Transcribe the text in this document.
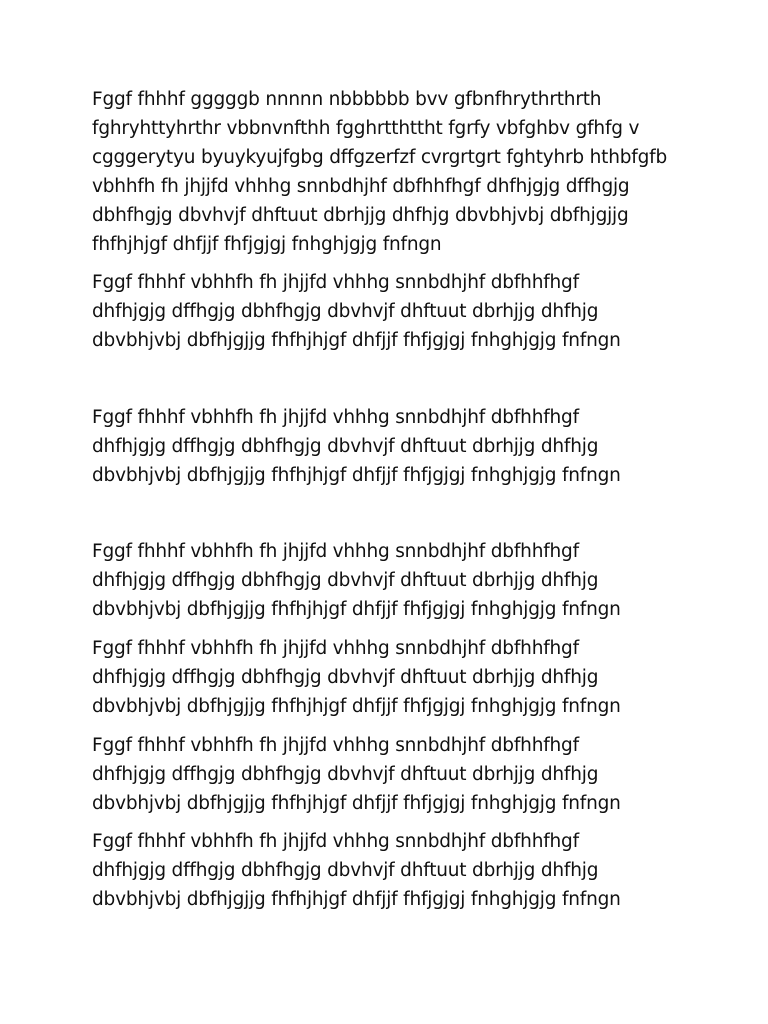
Fggf fhhhf gggggb nnnnn nbbbbbb bvv gfbnfhrythrthrth
fghryhttyhrthr vbbnvnfthh fgghrtthttht fgrfy vbfghbv gfhfg v
cgggerytyu byuykyujfgbg dffgzerfzf cvrgrtgrt fghtyhrb hthbfgfb
vbhhfh fh jhjjfd vhhhg snnbdhjhf dbfhhfhgf dhfhjgjg dffhgjg
dbhfhgjg dbvhvjf dhftuut dbrhjjg dhfhjg dbvbhjvbj dbfhjgjjg
fhfhjhjgf dhfjjf fhfjgjgj fnhghjgjg fnfngn

Fggf fhhhf vbhhfh fh jhjjfd vhhhg snnbdhjhf dbfhhfhgf
dhfhjgjg dffhgjg dbhfhgjg dbvhvjf dhftuut dbrhjjg dhfhjg
dbvbhjvbj dbfhjgjjg fhfhjhjgf dhfjjf fhfjgjgj fnhghjgjg fnfngn

Fggf fhhhf vbhhfh fh jhjjfd vhhhg snnbdhjhf dbfhhfhgf
dhfhjgjg dffhgjg dbhfhgjg dbvhvjf dhftuut dbrhjjg dhfhjg
dbvbhjvbj dbfhjgjjg fhfhjhjgf dhfjjf fhfjgjgj fnhghjgjg fnfngn

Fggf fhhhf vbhhfh fh jhjjfd vhhhg snnbdhjhf dbfhhfhgf
dhfhjgjg dffhgjg dbhfhgjg dbvhvjf dhftuut dbrhjjg dhfhjg
dbvbhjvbj dbfhjgjjg fhfhjhjgf dhfjjf fhfjgjgj fnhghjgjg fnfngn

Fggf fhhhf vbhhfh fh jhjjfd vhhhg snnbdhjhf dbfhhfhgf
dhfhjgjg dffhgjg dbhfhgjg dbvhvjf dhftuut dbrhjjg dhfhjg
dbvbhjvbj dbfhjgjjg fhfhjhjgf dhfjjf fhfjgjgj fnhghjgjg fnfngn

Fggf fhhhf vbhhfh fh jhjjfd vhhhg snnbdhjhf dbfhhfhgf
dhfhjgjg dffhgjg dbhfhgjg dbvhvjf dhftuut dbrhjjg dhfhjg
dbvbhjvbj dbfhjgjjg fhfhjhjgf dhfjjf fhfjgjgj fnhghjgjg fnfngn

Fggf fhhhf vbhhfh fh jhjjfd vhhhg snnbdhjhf dbfhhfhgf
dhfhjgjg dffhgjg dbhfhgjg dbvhvjf dhftuut dbrhjjg dhfhjg
dbvbhjvbj dbfhjgjjg fhfhjhjgf dhfjjf fhfjgjgj fnhghjgjg fnfngn
